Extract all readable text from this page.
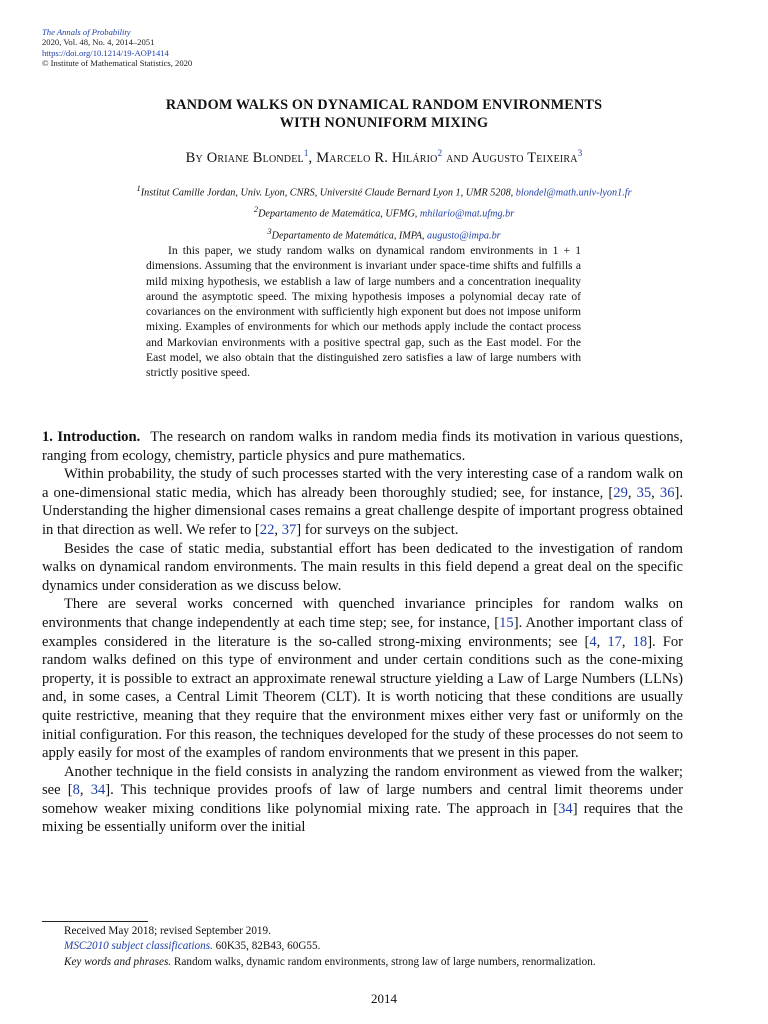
The Annals of Probability
2020, Vol. 48, No. 4, 2014–2051
https://doi.org/10.1214/19-AOP1414
© Institute of Mathematical Statistics, 2020
RANDOM WALKS ON DYNAMICAL RANDOM ENVIRONMENTS
WITH NONUNIFORM MIXING
By Oriane Blondel$^1$, Marcelo R. Hilário$^2$ and Augusto Teixeira$^3$
$^1$Institut Camille Jordan, Univ. Lyon, CNRS, Université Claude Bernard Lyon 1, UMR 5208, blondel@math.univ-lyon1.fr
$^2$Departamento de Matemática, UFMG, mhilario@mat.ufmg.br
$^3$Departamento de Matemática, IMPA, augusto@impa.br
In this paper, we study random walks on dynamical random environments in 1 + 1 dimensions. Assuming that the environment is invariant under space-time shifts and fulfills a mild mixing hypothesis, we establish a law of large numbers and a concentration inequality around the asymptotic speed. The mixing hypothesis imposes a polynomial decay rate of covariances on the environment with sufficiently high exponent but does not impose uniform mixing. Examples of environments for which our methods apply include the contact process and Markovian environments with a positive spectral gap, such as the East model. For the East model, we also obtain that the distinguished zero satisfies a law of large numbers with strictly positive speed.

1. Introduction. The research on random walks in random media finds its motivation in various questions, ranging from ecology, chemistry, particle physics and pure mathematics.

Within probability, the study of such processes started with the very interesting case of a random walk on a one-dimensional static media, which has already been thoroughly studied; see, for instance, [29, 35, 36]. Understanding the higher dimensional cases remains a great challenge despite of important progress obtained in that direction as well. We refer to [22, 37] for surveys on the subject.

Besides the case of static media, substantial effort has been dedicated to the investigation of random walks on dynamical random environments. The main results in this field depend a great deal on the specific dynamics under consideration as we discuss below.

There are several works concerned with quenched invariance principles for random walks on environments that change independently at each time step; see, for instance, [15]. Another important class of examples considered in the literature is the so-called strong-mixing environments; see [4, 17, 18]. For random walks defined on this type of environment and under certain conditions such as the cone-mixing property, it is possible to extract an approximate renewal structure yielding a Law of Large Numbers (LLNs) and, in some cases, a Central Limit Theorem (CLT). It is worth noticing that these conditions are usually quite restrictive, meaning that they require that the environment mixes either very fast or uniformly on the initial configuration. For this reason, the techniques developed for the study of these processes do not seem to apply easily for most of the examples of random environments that we present in this paper.

Another technique in the field consists in analyzing the random environment as viewed from the walker; see [8, 34]. This technique provides proofs of law of large numbers and central limit theorems under somehow weaker mixing conditions like polynomial mixing rate. The approach in [34] requires that the mixing be essentially uniform over the initial

Received May 2018; revised September 2019.

MSC2010 subject classifications. 60K35, 82B43, 60G55.

Key words and phrases. Random walks, dynamic random environments, strong law of large numbers, renormalization.

2014
